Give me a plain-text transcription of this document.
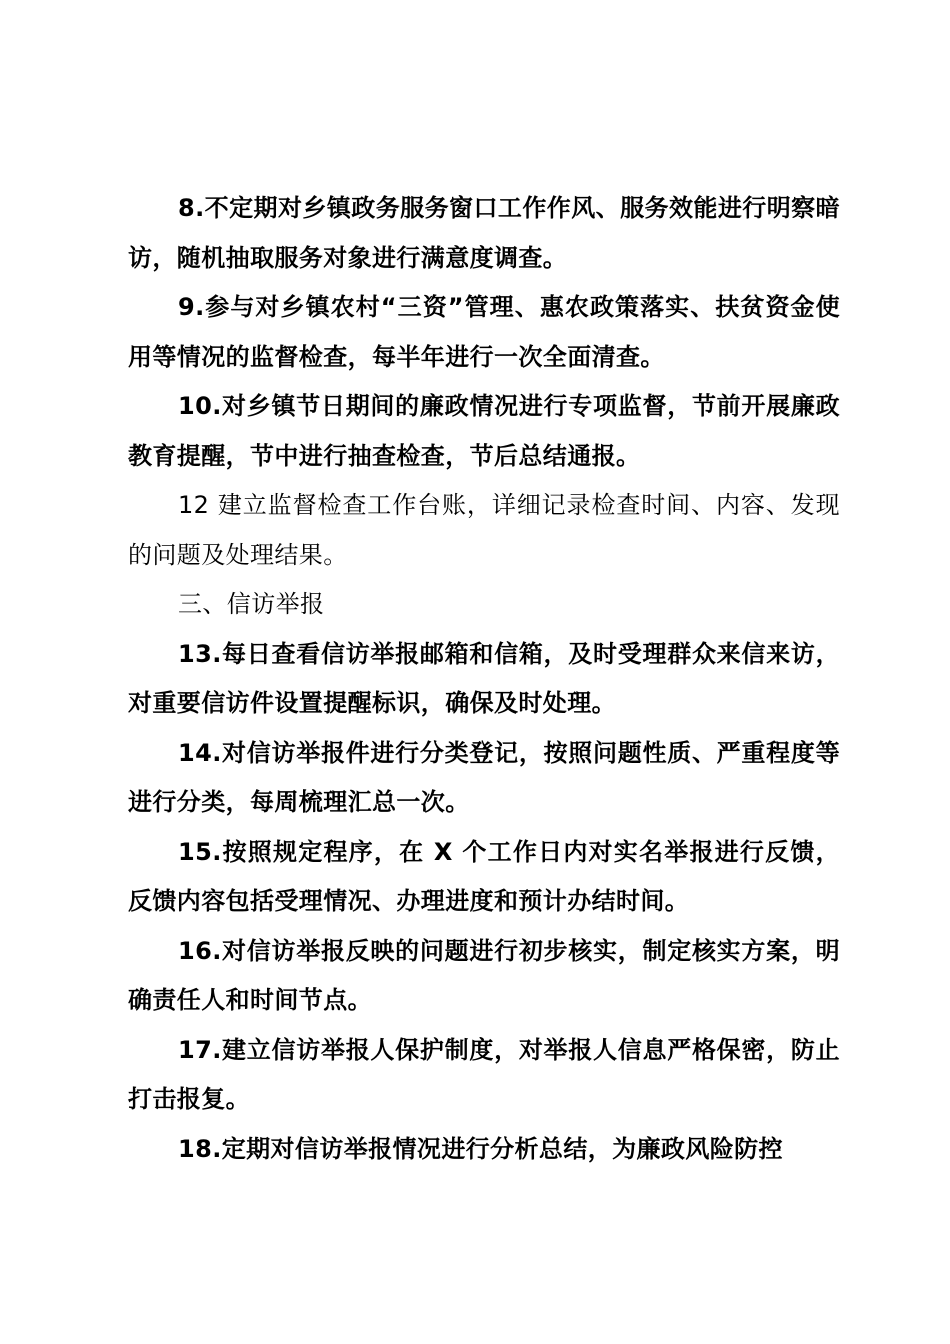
8.不定期对乡镇政务服务窗口工作作风、服务效能进行明察暗访，随机抽取服务对象进行满意度调查。

9.参与对乡镇农村“三资”管理、惠农政策落实、扶贫资金使用等情况的监督检查，每半年进行一次全面清查。

10.对乡镇节日期间的廉政情况进行专项监督，节前开展廉政教育提醒，节中进行抽查检查，节后总结通报。

12 建立监督检查工作台账，详细记录检查时间、内容、发现的问题及处理结果。

三、信访举报

13.每日查看信访举报邮箱和信箱，及时受理群众来信来访，对重要信访件设置提醒标识，确保及时处理。

14.对信访举报件进行分类登记，按照问题性质、严重程度等进行分类，每周梳理汇总一次。

15.按照规定程序，在 X 个工作日内对实名举报进行反馈，反馈内容包括受理情况、办理进度和预计办结时间。

16.对信访举报反映的问题进行初步核实，制定核实方案，明确责任人和时间节点。

17.建立信访举报人保护制度，对举报人信息严格保密，防止打击报复。

18.定期对信访举报情况进行分析总结，为廉政风险防控
